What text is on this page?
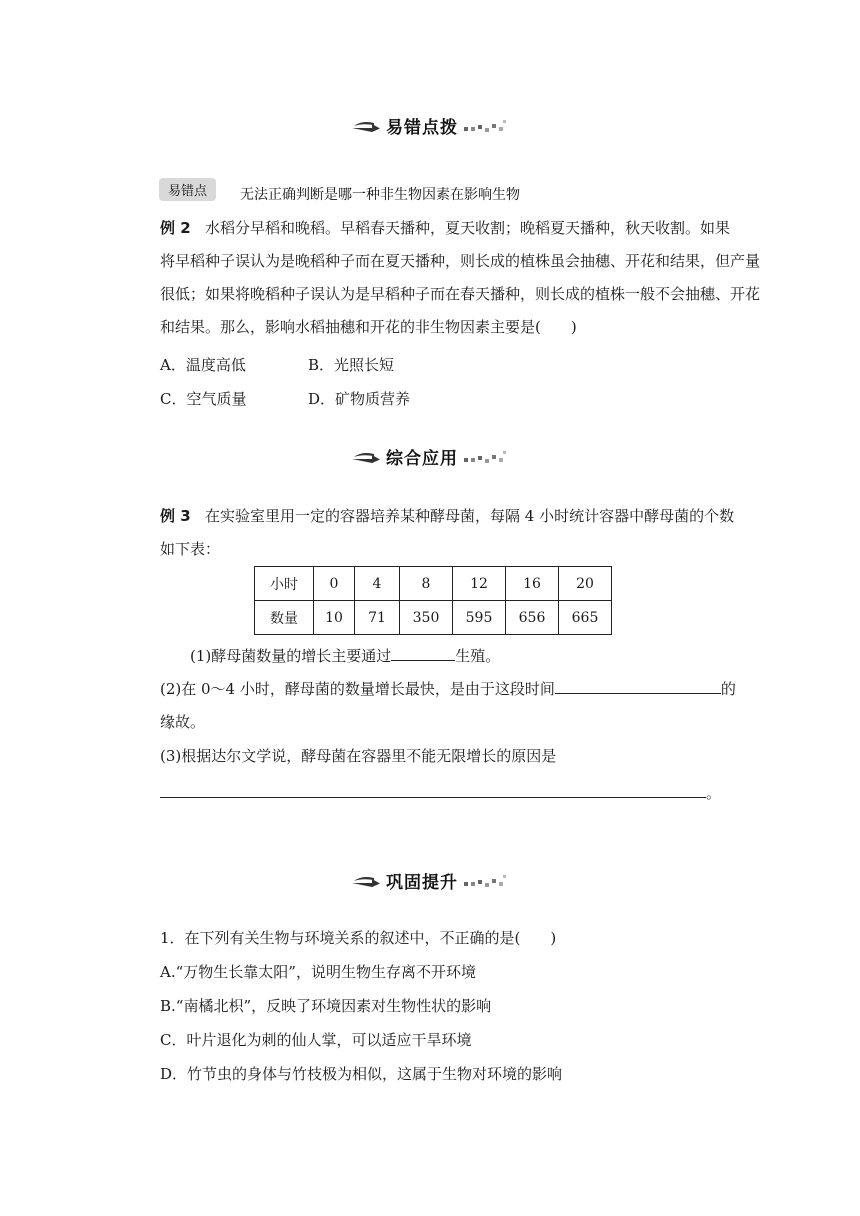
易错点拨
易错点	无法正确判断是哪一种非生物因素在影响生物
例 2 水稻分早稻和晚稻。早稻春天播种，夏天收割；晚稻夏天播种，秋天收割。如果
将早稻种子误认为是晚稻种子而在夏天播种，则长成的植株虽会抽穗、开花和结果，但产量
很低；如果将晚稻种子误认为是早稻种子而在春天播种，则长成的植株一般不会抽穗、开花
和结果。那么，影响水稻抽穗和开花的非生物因素主要是(　　)
A．温度高低	B．光照长短
C．空气质量	D．矿物质营养
综合应用
例 3 在实验室里用一定的容器培养某种酵母菌，每隔 4 小时统计容器中酵母菌的个数
如下表：
小时	0	4	8	12	16	20
数量	10	71	350	595	656	665
(1)酵母菌数量的增长主要通过	生殖。
(2)在 0～4 小时，酵母菌的数量增长最快，是由于这段时间	的
缘故。
(3)根据达尔文学说，酵母菌在容器里不能无限增长的原因是
。
巩固提升
1．在下列有关生物与环境关系的叙述中，不正确的是(　　)
A.“万物生长靠太阳”，说明生物生存离不开环境
B.“南橘北枳”，反映了环境因素对生物性状的影响
C．叶片退化为刺的仙人掌，可以适应干旱环境
D．竹节虫的身体与竹枝极为相似，这属于生物对环境的影响
